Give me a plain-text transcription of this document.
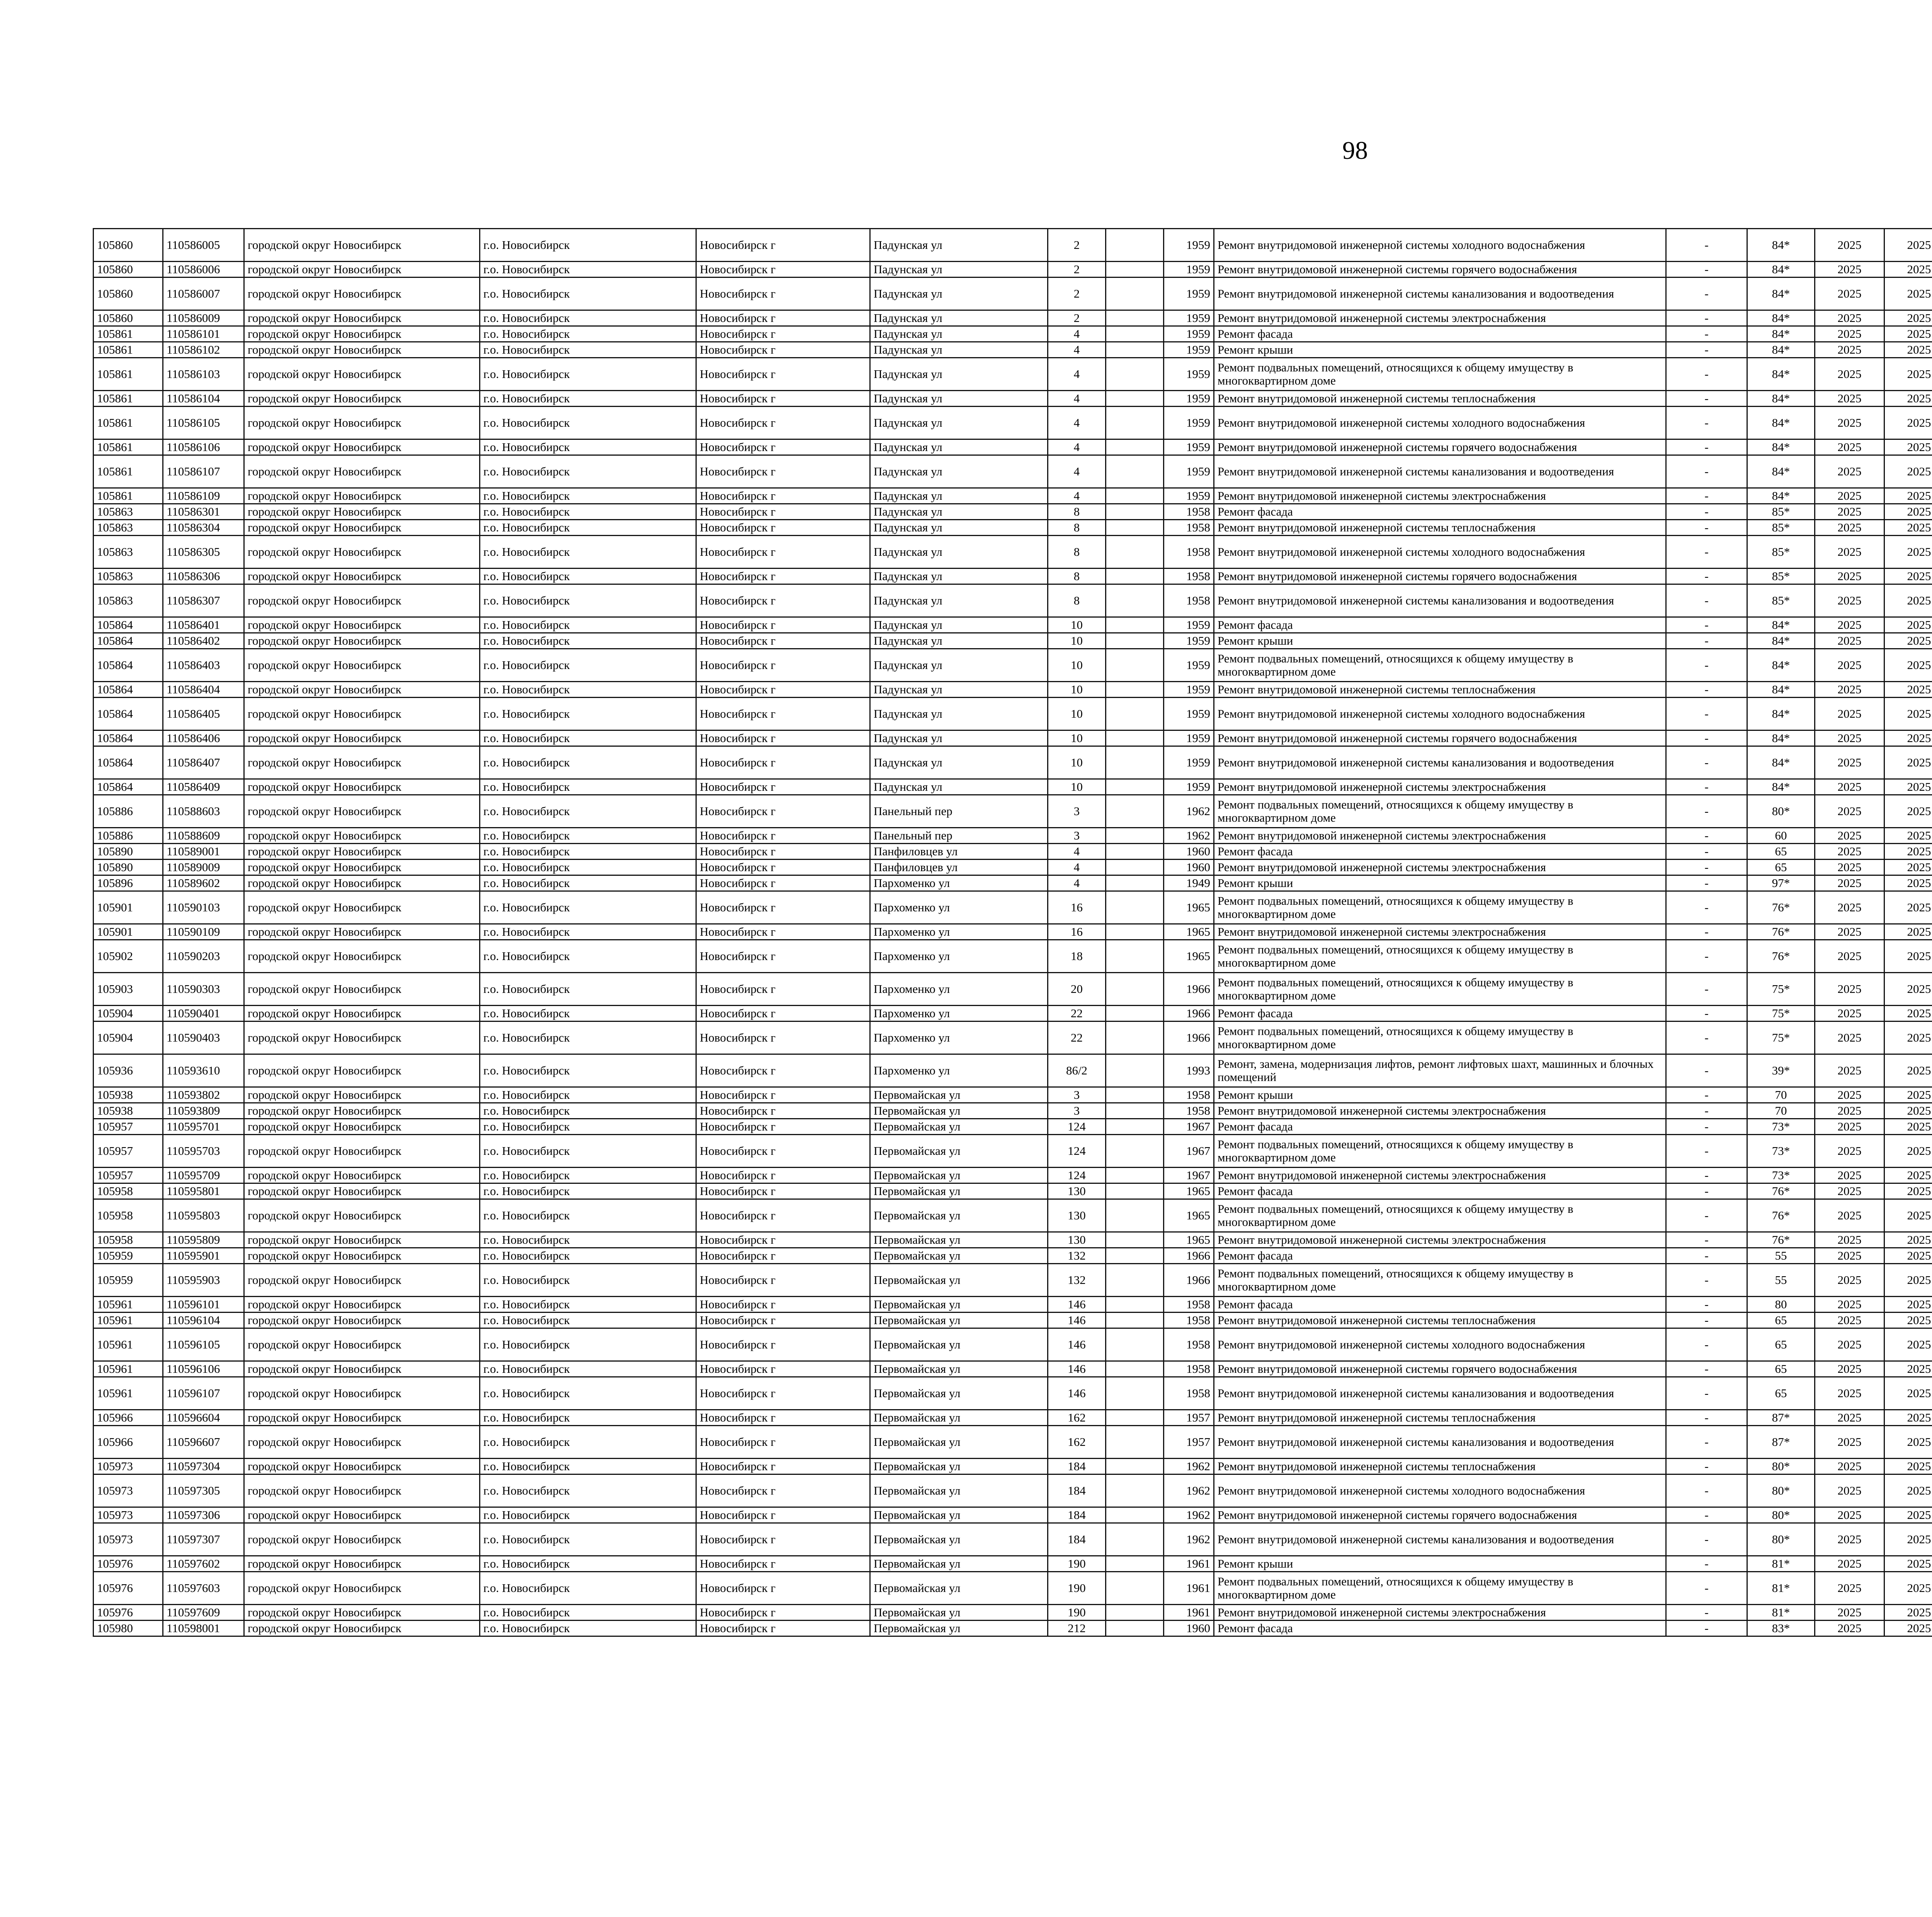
98
105860	110586005	городской округ Новосибирск	г.о. Новосибирск	Новосибирск г	Падунская ул	2		1959	Ремонт внутридомовой инженерной системы холодного водоснабжения	-	84*	2025	2025					
105860	110586006	городской округ Новосибирск	г.о. Новосибирск	Новосибирск г	Падунская ул	2		1959	Ремонт внутридомовой инженерной системы горячего водоснабжения	-	84*	2025	2025					
105860	110586007	городской округ Новосибирск	г.о. Новосибирск	Новосибирск г	Падунская ул	2		1959	Ремонт внутридомовой инженерной системы канализования и водоотведения	-	84*	2025	2025					
105860	110586009	городской округ Новосибирск	г.о. Новосибирск	Новосибирск г	Падунская ул	2		1959	Ремонт внутридомовой инженерной системы электроснабжения	-	84*	2025	2025					
105861	110586101	городской округ Новосибирск	г.о. Новосибирск	Новосибирск г	Падунская ул	4		1959	Ремонт фасада	-	84*	2025	2025					
105861	110586102	городской округ Новосибирск	г.о. Новосибирск	Новосибирск г	Падунская ул	4		1959	Ремонт крыши	-	84*	2025	2025					
105861	110586103	городской округ Новосибирск	г.о. Новосибирск	Новосибирск г	Падунская ул	4		1959	Ремонт подвальных помещений, относящихся к общему имуществу в многоквартирном доме	-	84*	2025	2025					
105861	110586104	городской округ Новосибирск	г.о. Новосибирск	Новосибирск г	Падунская ул	4		1959	Ремонт внутридомовой инженерной системы теплоснабжения	-	84*	2025	2025					
105861	110586105	городской округ Новосибирск	г.о. Новосибирск	Новосибирск г	Падунская ул	4		1959	Ремонт внутридомовой инженерной системы холодного водоснабжения	-	84*	2025	2025					
105861	110586106	городской округ Новосибирск	г.о. Новосибирск	Новосибирск г	Падунская ул	4		1959	Ремонт внутридомовой инженерной системы горячего водоснабжения	-	84*	2025	2025					
105861	110586107	городской округ Новосибирск	г.о. Новосибирск	Новосибирск г	Падунская ул	4		1959	Ремонт внутридомовой инженерной системы канализования и водоотведения	-	84*	2025	2025					
105861	110586109	городской округ Новосибирск	г.о. Новосибирск	Новосибирск г	Падунская ул	4		1959	Ремонт внутридомовой инженерной системы электроснабжения	-	84*	2025	2025					
105863	110586301	городской округ Новосибирск	г.о. Новосибирск	Новосибирск г	Падунская ул	8		1958	Ремонт фасада	-	85*	2025	2025					
105863	110586304	городской округ Новосибирск	г.о. Новосибирск	Новосибирск г	Падунская ул	8		1958	Ремонт внутридомовой инженерной системы теплоснабжения	-	85*	2025	2025					
105863	110586305	городской округ Новосибирск	г.о. Новосибирск	Новосибирск г	Падунская ул	8		1958	Ремонт внутридомовой инженерной системы холодного водоснабжения	-	85*	2025	2025					
105863	110586306	городской округ Новосибирск	г.о. Новосибирск	Новосибирск г	Падунская ул	8		1958	Ремонт внутридомовой инженерной системы горячего водоснабжения	-	85*	2025	2025					
105863	110586307	городской округ Новосибирск	г.о. Новосибирск	Новосибирск г	Падунская ул	8		1958	Ремонт внутридомовой инженерной системы канализования и водоотведения	-	85*	2025	2025					
105864	110586401	городской округ Новосибирск	г.о. Новосибирск	Новосибирск г	Падунская ул	10		1959	Ремонт фасада	-	84*	2025	2025					
105864	110586402	городской округ Новосибирск	г.о. Новосибирск	Новосибирск г	Падунская ул	10		1959	Ремонт крыши	-	84*	2025	2025					
105864	110586403	городской округ Новосибирск	г.о. Новосибирск	Новосибирск г	Падунская ул	10		1959	Ремонт подвальных помещений, относящихся к общему имуществу в многоквартирном доме	-	84*	2025	2025					
105864	110586404	городской округ Новосибирск	г.о. Новосибирск	Новосибирск г	Падунская ул	10		1959	Ремонт внутридомовой инженерной системы теплоснабжения	-	84*	2025	2025					
105864	110586405	городской округ Новосибирск	г.о. Новосибирск	Новосибирск г	Падунская ул	10		1959	Ремонт внутридомовой инженерной системы холодного водоснабжения	-	84*	2025	2025					
105864	110586406	городской округ Новосибирск	г.о. Новосибирск	Новосибирск г	Падунская ул	10		1959	Ремонт внутридомовой инженерной системы горячего водоснабжения	-	84*	2025	2025					
105864	110586407	городской округ Новосибирск	г.о. Новосибирск	Новосибирск г	Падунская ул	10		1959	Ремонт внутридомовой инженерной системы канализования и водоотведения	-	84*	2025	2025					
105864	110586409	городской округ Новосибирск	г.о. Новосибирск	Новосибирск г	Падунская ул	10		1959	Ремонт внутридомовой инженерной системы электроснабжения	-	84*	2025	2025					
105886	110588603	городской округ Новосибирск	г.о. Новосибирск	Новосибирск г	Панельный пер	3		1962	Ремонт подвальных помещений, относящихся к общему имуществу в многоквартирном доме	-	80*	2025	2025					
105886	110588609	городской округ Новосибирск	г.о. Новосибирск	Новосибирск г	Панельный пер	3		1962	Ремонт внутридомовой инженерной системы электроснабжения	-	60	2025	2025					
105890	110589001	городской округ Новосибирск	г.о. Новосибирск	Новосибирск г	Панфиловцев ул	4		1960	Ремонт фасада	-	65	2025	2025					
105890	110589009	городской округ Новосибирск	г.о. Новосибирск	Новосибирск г	Панфиловцев ул	4		1960	Ремонт внутридомовой инженерной системы электроснабжения	-	65	2025	2025					
105896	110589602	городской округ Новосибирск	г.о. Новосибирск	Новосибирск г	Пархоменко ул	4		1949	Ремонт крыши	-	97*	2025	2025					
105901	110590103	городской округ Новосибирск	г.о. Новосибирск	Новосибирск г	Пархоменко ул	16		1965	Ремонт подвальных помещений, относящихся к общему имуществу в многоквартирном доме	-	76*	2025	2025					
105901	110590109	городской округ Новосибирск	г.о. Новосибирск	Новосибирск г	Пархоменко ул	16		1965	Ремонт внутридомовой инженерной системы электроснабжения	-	76*	2025	2025					
105902	110590203	городской округ Новосибирск	г.о. Новосибирск	Новосибирск г	Пархоменко ул	18		1965	Ремонт подвальных помещений, относящихся к общему имуществу в многоквартирном доме	-	76*	2025	2025					
105903	110590303	городской округ Новосибирск	г.о. Новосибирск	Новосибирск г	Пархоменко ул	20		1966	Ремонт подвальных помещений, относящихся к общему имуществу в многоквартирном доме	-	75*	2025	2025					
105904	110590401	городской округ Новосибирск	г.о. Новосибирск	Новосибирск г	Пархоменко ул	22		1966	Ремонт фасада	-	75*	2025	2025					
105904	110590403	городской округ Новосибирск	г.о. Новосибирск	Новосибирск г	Пархоменко ул	22		1966	Ремонт подвальных помещений, относящихся к общему имуществу в многоквартирном доме	-	75*	2025	2025					
105936	110593610	городской округ Новосибирск	г.о. Новосибирск	Новосибирск г	Пархоменко ул	86/2		1993	Ремонт, замена, модернизация лифтов, ремонт лифтовых шахт, машинных и блочных помещений	-	39*	2025	2025					
105938	110593802	городской округ Новосибирск	г.о. Новосибирск	Новосибирск г	Первомайская ул	3		1958	Ремонт крыши	-	70	2025	2025					
105938	110593809	городской округ Новосибирск	г.о. Новосибирск	Новосибирск г	Первомайская ул	3		1958	Ремонт внутридомовой инженерной системы электроснабжения	-	70	2025	2025					
105957	110595701	городской округ Новосибирск	г.о. Новосибирск	Новосибирск г	Первомайская ул	124		1967	Ремонт фасада	-	73*	2025	2025					
105957	110595703	городской округ Новосибирск	г.о. Новосибирск	Новосибирск г	Первомайская ул	124		1967	Ремонт подвальных помещений, относящихся к общему имуществу в многоквартирном доме	-	73*	2025	2025					
105957	110595709	городской округ Новосибирск	г.о. Новосибирск	Новосибирск г	Первомайская ул	124		1967	Ремонт внутридомовой инженерной системы электроснабжения	-	73*	2025	2025					
105958	110595801	городской округ Новосибирск	г.о. Новосибирск	Новосибирск г	Первомайская ул	130		1965	Ремонт фасада	-	76*	2025	2025					
105958	110595803	городской округ Новосибирск	г.о. Новосибирск	Новосибирск г	Первомайская ул	130		1965	Ремонт подвальных помещений, относящихся к общему имуществу в многоквартирном доме	-	76*	2025	2025					
105958	110595809	городской округ Новосибирск	г.о. Новосибирск	Новосибирск г	Первомайская ул	130		1965	Ремонт внутридомовой инженерной системы электроснабжения	-	76*	2025	2025					
105959	110595901	городской округ Новосибирск	г.о. Новосибирск	Новосибирск г	Первомайская ул	132		1966	Ремонт фасада	-	55	2025	2025					
105959	110595903	городской округ Новосибирск	г.о. Новосибирск	Новосибирск г	Первомайская ул	132		1966	Ремонт подвальных помещений, относящихся к общему имуществу в многоквартирном доме	-	55	2025	2025					
105961	110596101	городской округ Новосибирск	г.о. Новосибирск	Новосибирск г	Первомайская ул	146		1958	Ремонт фасада	-	80	2025	2025					
105961	110596104	городской округ Новосибирск	г.о. Новосибирск	Новосибирск г	Первомайская ул	146		1958	Ремонт внутридомовой инженерной системы теплоснабжения	-	65	2025	2025					
105961	110596105	городской округ Новосибирск	г.о. Новосибирск	Новосибирск г	Первомайская ул	146		1958	Ремонт внутридомовой инженерной системы холодного водоснабжения	-	65	2025	2025					
105961	110596106	городской округ Новосибирск	г.о. Новосибирск	Новосибирск г	Первомайская ул	146		1958	Ремонт внутридомовой инженерной системы горячего водоснабжения	-	65	2025	2025					
105961	110596107	городской округ Новосибирск	г.о. Новосибирск	Новосибирск г	Первомайская ул	146		1958	Ремонт внутридомовой инженерной системы канализования и водоотведения	-	65	2025	2025					
105966	110596604	городской округ Новосибирск	г.о. Новосибирск	Новосибирск г	Первомайская ул	162		1957	Ремонт внутридомовой инженерной системы теплоснабжения	-	87*	2025	2025					
105966	110596607	городской округ Новосибирск	г.о. Новосибирск	Новосибирск г	Первомайская ул	162		1957	Ремонт внутридомовой инженерной системы канализования и водоотведения	-	87*	2025	2025					
105973	110597304	городской округ Новосибирск	г.о. Новосибирск	Новосибирск г	Первомайская ул	184		1962	Ремонт внутридомовой инженерной системы теплоснабжения	-	80*	2025	2025					
105973	110597305	городской округ Новосибирск	г.о. Новосибирск	Новосибирск г	Первомайская ул	184		1962	Ремонт внутридомовой инженерной системы холодного водоснабжения	-	80*	2025	2025					
105973	110597306	городской округ Новосибирск	г.о. Новосибирск	Новосибирск г	Первомайская ул	184		1962	Ремонт внутридомовой инженерной системы горячего водоснабжения	-	80*	2025	2025					
105973	110597307	городской округ Новосибирск	г.о. Новосибирск	Новосибирск г	Первомайская ул	184		1962	Ремонт внутридомовой инженерной системы канализования и водоотведения	-	80*	2025	2025					
105976	110597602	городской округ Новосибирск	г.о. Новосибирск	Новосибирск г	Первомайская ул	190		1961	Ремонт крыши	-	81*	2025	2025					
105976	110597603	городской округ Новосибирск	г.о. Новосибирск	Новосибирск г	Первомайская ул	190		1961	Ремонт подвальных помещений, относящихся к общему имуществу в многоквартирном доме	-	81*	2025	2025					
105976	110597609	городской округ Новосибирск	г.о. Новосибирск	Новосибирск г	Первомайская ул	190		1961	Ремонт внутридомовой инженерной системы электроснабжения	-	81*	2025	2025					
105980	110598001	городской округ Новосибирск	г.о. Новосибирск	Новосибирск г	Первомайская ул	212		1960	Ремонт фасада	-	83*	2025	2025					
